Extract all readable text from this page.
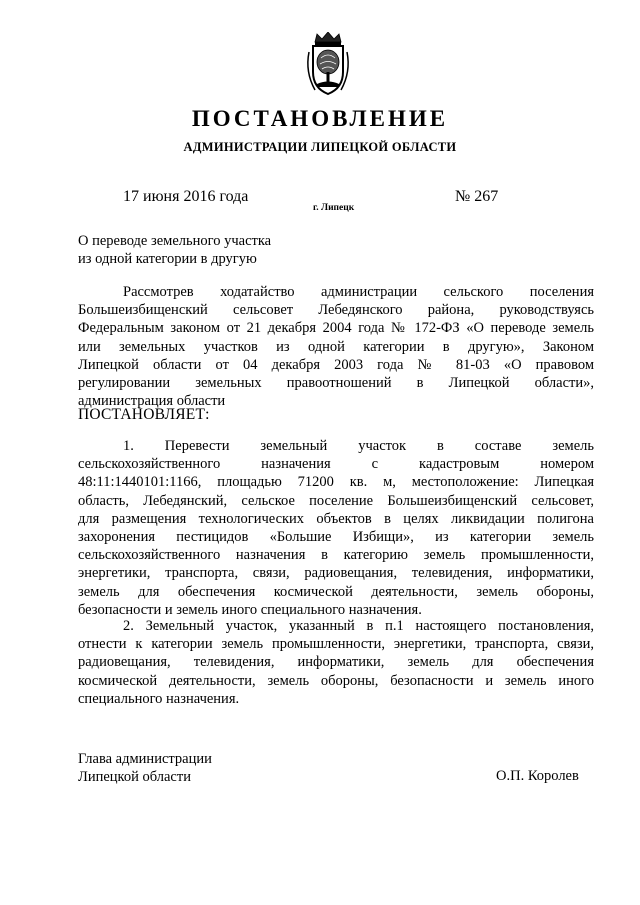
ПОСТАНОВЛЕНИЕ
АДМИНИСТРАЦИИ ЛИПЕЦКОЙ ОБЛАСТИ
17 июня 2016 года
г. Липецк
№ 267
О переводе земельного участка
из одной категории в другую
Рассмотрев ходатайство администрации сельского поселения
Большеизбищенский сельсовет Лебедянского района, руководствуясь
Федеральным законом от 21 декабря 2004 года № 172-ФЗ «О переводе земель
или земельных участков из одной категории в другую», Законом
Липецкой области от 04 декабря 2003 года № 81-03 «О правовом
регулировании земельных правоотношений в Липецкой области»,
администрация области
ПОСТАНОВЛЯЕТ:
1. Перевести земельный участок в составе земель
сельскохозяйственного назначения с кадастровым номером
48:11:1440101:1166, площадью 71200 кв. м, местоположение: Липецкая
область, Лебедянский, сельское поселение Большеизбищенский сельсовет,
для размещения технологических объектов в целях ликвидации полигона
захоронения пестицидов «Большие Избищи», из категории земель
сельскохозяйственного назначения в категорию земель промышленности,
энергетики, транспорта, связи, радиовещания, телевидения, информатики,
земель для обеспечения космической деятельности, земель обороны,
безопасности и земель иного специального назначения.
2. Земельный участок, указанный в п.1 настоящего постановления,
отнести к категории земель промышленности, энергетики, транспорта, связи,
радиовещания, телевидения, информатики, земель для обеспечения
космической деятельности, земель обороны, безопасности и земель иного
специального назначения.
Глава администрации
Липецкой области	О.П. Королев
